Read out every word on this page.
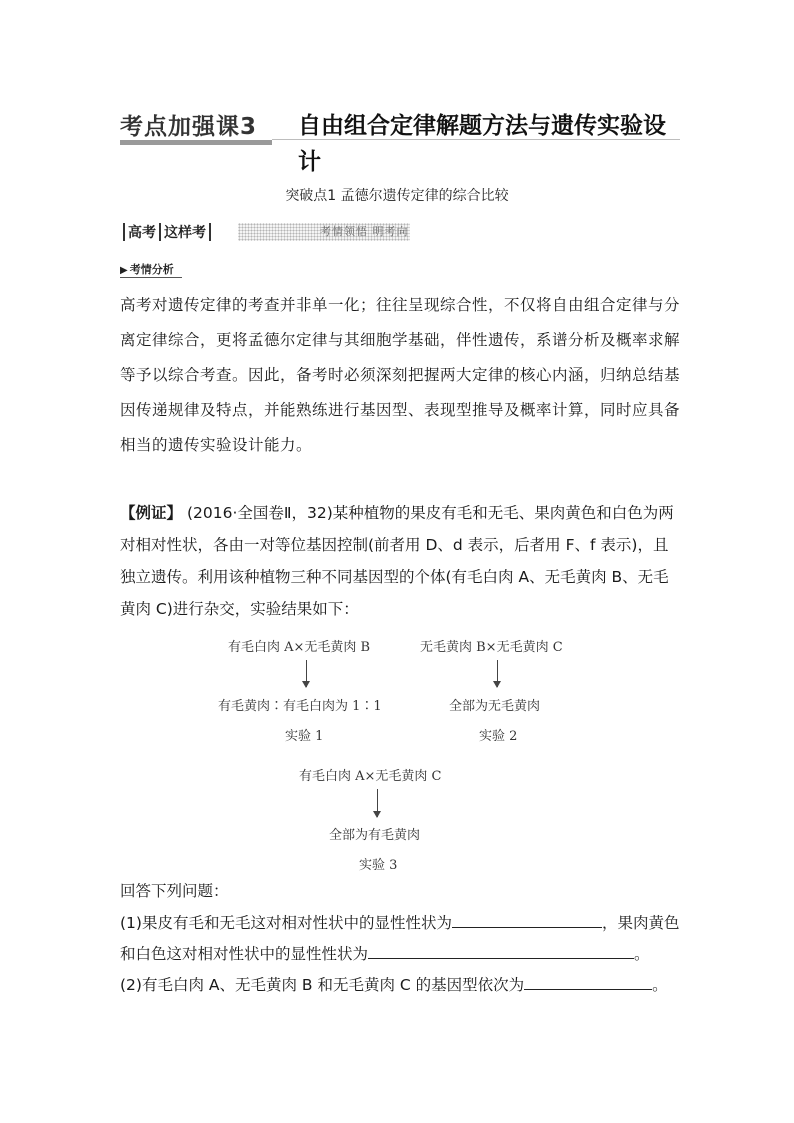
考点加强课3 自由组合定律解题方法与遗传实验设计
突破点1 孟德尔遗传定律的综合比较
高考 这样考	考情领悟 明考向
▶ 考情分析
高考对遗传定律的考查并非单一化；往往呈现综合性，不仅将自由组合定律与分离定律综合，更将孟德尔定律与其细胞学基础，伴性遗传，系谱分析及概率求解等予以综合考查。因此，备考时必须深刻把握两大定律的核心内涵，归纳总结基因传递规律及特点，并能熟练进行基因型、表现型推导及概率计算，同时应具备相当的遗传实验设计能力。
【例证】 (2016·全国卷Ⅱ，32)某种植物的果皮有毛和无毛、果肉黄色和白色为两对相对性状，各由一对等位基因控制(前者用 D、d 表示，后者用 F、f 表示)，且独立遗传。利用该种植物三种不同基因型的个体(有毛白肉 A、无毛黄肉 B、无毛黄肉 C)进行杂交，实验结果如下：
有毛白肉 A×无毛黄肉 B
有毛黄肉∶有毛白肉为 1∶1
实验 1
无毛黄肉 B×无毛黄肉 C
全部为无毛黄肉
实验 2
有毛白肉 A×无毛黄肉 C
全部为有毛黄肉
实验 3
回答下列问题：
(1)果皮有毛和无毛这对相对性状中的显性性状为	，果肉黄色和白色这对相对性状中的显性性状为	。
(2)有毛白肉 A、无毛黄肉 B 和无毛黄肉 C 的基因型依次为	。
